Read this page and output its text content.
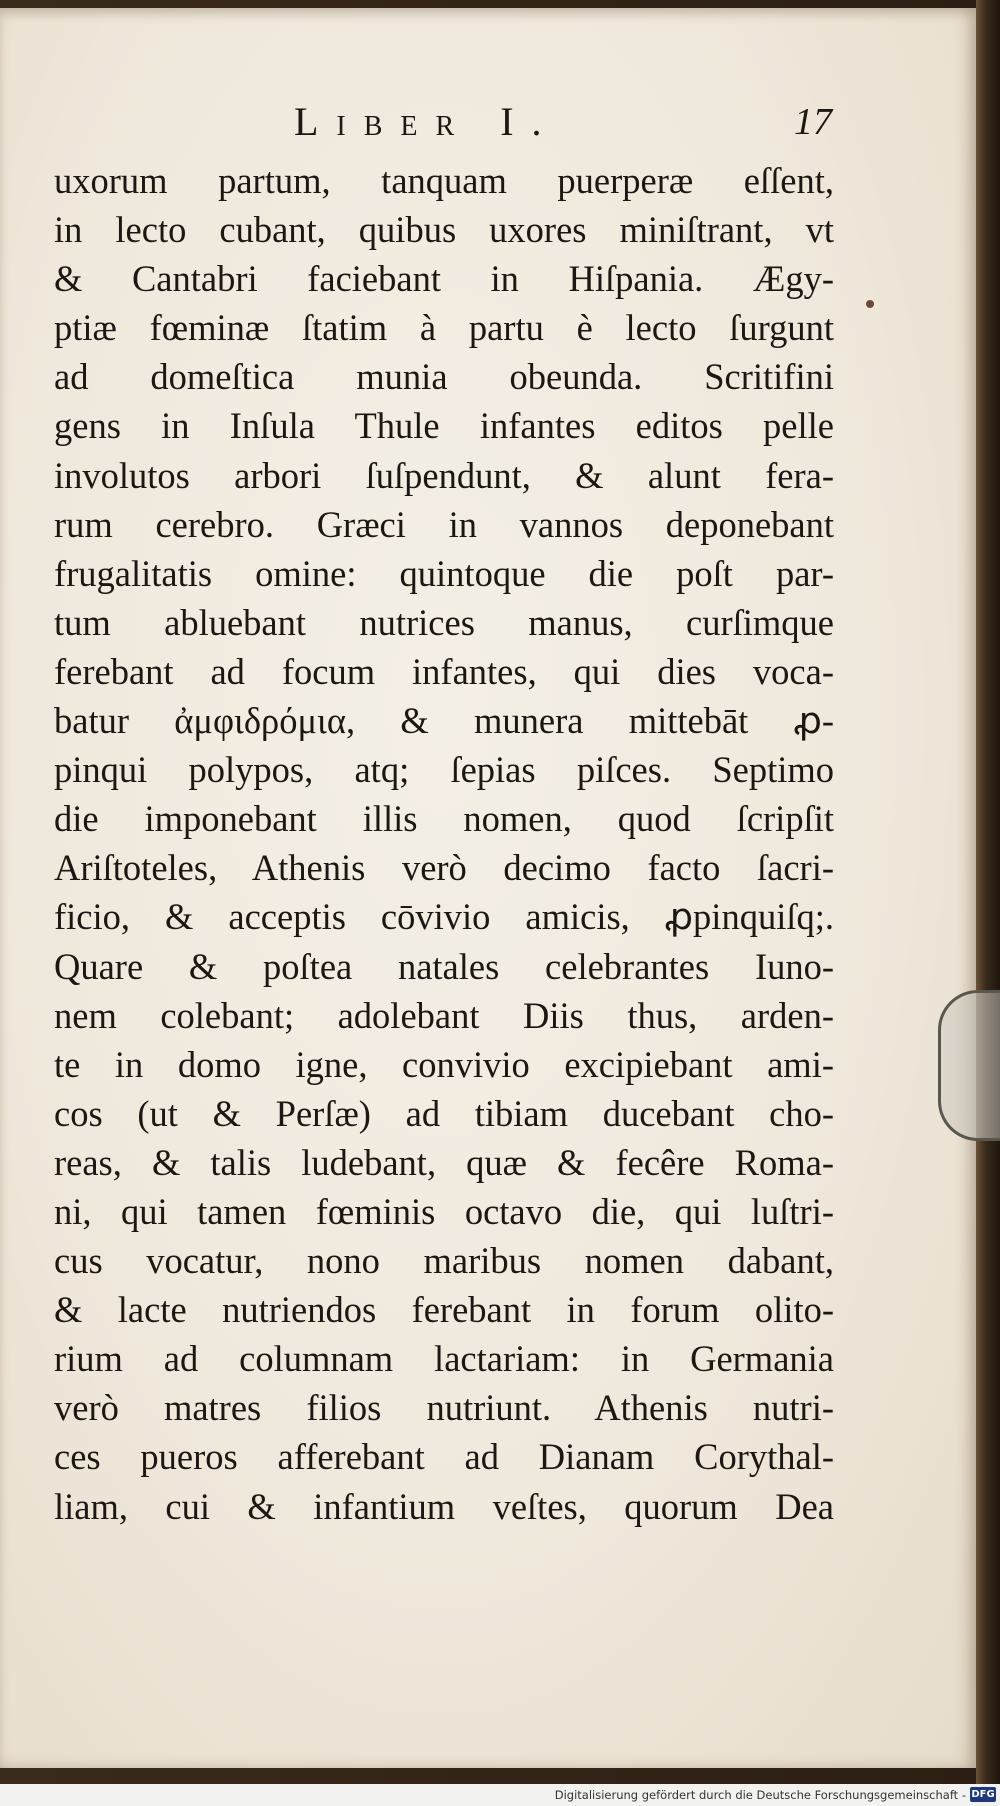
Liber I.	17
uxorum partum, tanquam puerperæ eſſent,
in lecto cubant, quibus uxores miniſtrant, vt
& Cantabri faciebant in Hiſpania. Ægy-
ptiæ fœminæ ſtatim à partu è lecto ſurgunt
ad domeſtica munia obeunda. Scritifini
gens in Inſula Thule infantes editos pelle
involutos arbori ſuſpendunt, & alunt fera-
rum cerebro. Græci in vannos deponebant
frugalitatis omine: quintoque die poſt par-
tum abluebant nutrices manus, curſimque
ferebant ad focum infantes, qui dies voca-
batur ἀμφιδρόμια, & munera mittebāt ꝓ-
pinqui polypos, atq; ſepias piſces. Septimo
die imponebant illis nomen, quod ſcripſit
Ariſtoteles, Athenis verò decimo facto ſacri-
ficio, & acceptis cōvivio amicis, ꝓpinquiſq;.
Quare & poſtea natales celebrantes Iuno-
nem colebant; adolebant Diis thus, arden-
te in domo igne, convivio excipiebant ami-
cos (ut & Perſæ) ad tibiam ducebant cho-
reas, & talis ludebant, quæ & fecêre Roma-
ni, qui tamen fœminis octavo die, qui luſtri-
cus vocatur, nono maribus nomen dabant,
& lacte nutriendos ferebant in forum olito-
rium ad columnam lactariam: in Germania
verò matres filios nutriunt. Athenis nutri-
ces pueros afferebant ad Dianam Corythal-
liam, cui & infantium veſtes, quorum Dea
Digitalisierung gefördert durch die Deutsche Forschungsgemeinschaft - DFG
